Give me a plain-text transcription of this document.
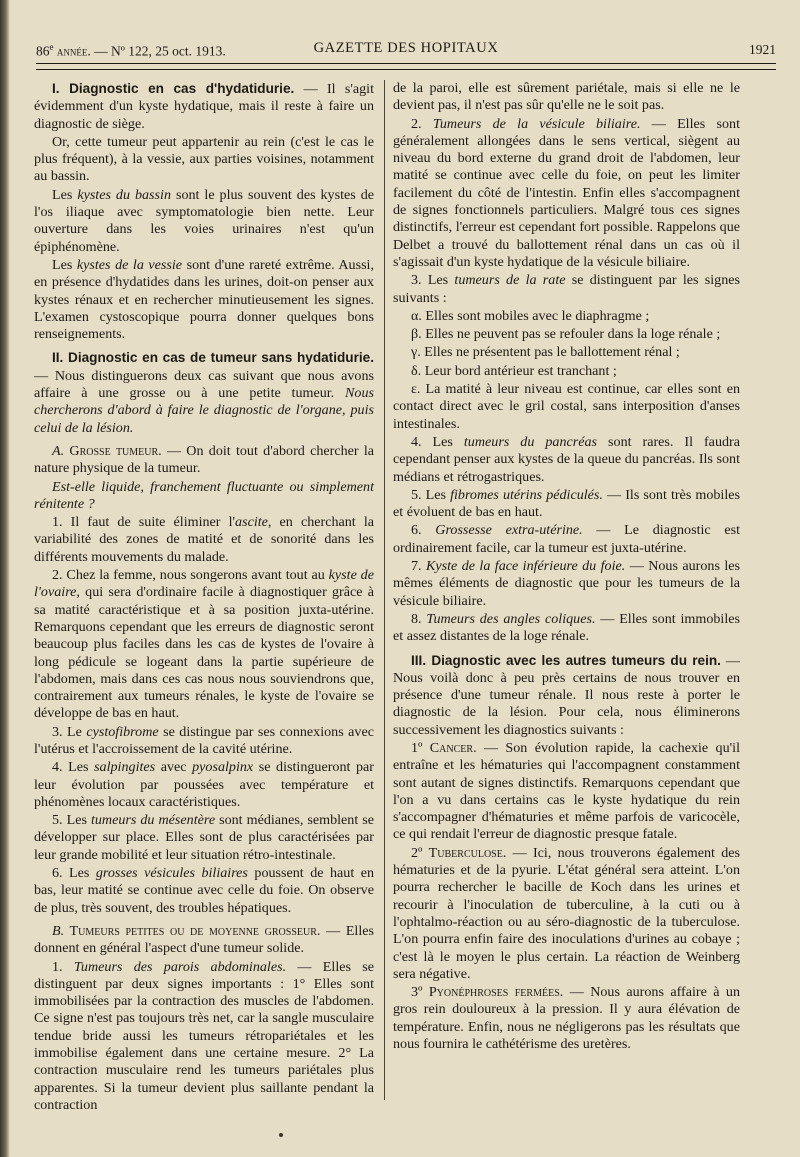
86e année. — Nº 122, 25 oct. 1913.	GAZETTE DES HOPITAUX	1921

I. Diagnostic en cas d'hydatidurie. — Il s'agit évidemment d'un kyste hydatique, mais il reste à faire un diagnostic de siège.

Or, cette tumeur peut appartenir au rein (c'est le cas le plus fréquent), à la vessie, aux parties voisines, notamment au bassin.

Les kystes du bassin sont le plus souvent des kystes de l'os iliaque avec symptomatologie bien nette. Leur ouverture dans les voies urinaires n'est qu'un épiphénomène.

Les kystes de la vessie sont d'une rareté extrême. Aussi, en présence d'hydatides dans les urines, doit-on penser aux kystes rénaux et en rechercher minutieusement les signes. L'examen cystoscopique pourra donner quelques bons renseignements.

II. Diagnostic en cas de tumeur sans hydatidurie. — Nous distinguerons deux cas suivant que nous avons affaire à une grosse ou à une petite tumeur. Nous chercherons d'abord à faire le diagnostic de l'organe, puis celui de la lésion.

A. Grosse tumeur. — On doit tout d'abord chercher la nature physique de la tumeur.

Est-elle liquide, franchement fluctuante ou simplement rénitente ?

1. Il faut de suite éliminer l'ascite, en cherchant la variabilité des zones de matité et de sonorité dans les différents mouvements du malade.

2. Chez la femme, nous songerons avant tout au kyste de l'ovaire, qui sera d'ordinaire facile à diagnostiquer grâce à sa matité caractéristique et à sa position juxta-utérine. Remarquons cependant que les erreurs de diagnostic seront beaucoup plus faciles dans les cas de kystes de l'ovaire à long pédicule se logeant dans la partie supérieure de l'abdomen, mais dans ces cas nous nous souviendrons que, contrairement aux tumeurs rénales, le kyste de l'ovaire se développe de bas en haut.

3. Le cystofibrome se distingue par ses connexions avec l'utérus et l'accroissement de la cavité utérine.

4. Les salpingites avec pyosalpinx se distingueront par leur évolution par poussées avec température et phénomènes locaux caractéristiques.

5. Les tumeurs du mésentère sont médianes, semblent se développer sur place. Elles sont de plus caractérisées par leur grande mobilité et leur situation rétro-intestinale.

6. Les grosses vésicules biliaires poussent de haut en bas, leur matité se continue avec celle du foie. On observe de plus, très souvent, des troubles hépatiques.

B. Tumeurs petites ou de moyenne grosseur. — Elles donnent en général l'aspect d'une tumeur solide.

1. Tumeurs des parois abdominales. — Elles se distinguent par deux signes importants : 1° Elles sont immobilisées par la contraction des muscles de l'abdomen. Ce signe n'est pas toujours très net, car la sangle musculaire tendue bride aussi les tumeurs rétropariétales et les immobilise également dans une certaine mesure. 2° La contraction musculaire rend les tumeurs pariétales plus apparentes. Si la tumeur devient plus saillante pendant la contraction

de la paroi, elle est sûrement pariétale, mais si elle ne le devient pas, il n'est pas sûr qu'elle ne le soit pas.

2. Tumeurs de la vésicule biliaire. — Elles sont généralement allongées dans le sens vertical, siègent au niveau du bord externe du grand droit de l'abdomen, leur matité se continue avec celle du foie, on peut les limiter facilement du côté de l'intestin. Enfin elles s'accompagnent de signes fonctionnels particuliers. Malgré tous ces signes distinctifs, l'erreur est cependant fort possible. Rappelons que Delbet a trouvé du ballottement rénal dans un cas où il s'agissait d'un kyste hydatique de la vésicule biliaire.

3. Les tumeurs de la rate se distinguent par les signes suivants :

α. Elles sont mobiles avec le diaphragme ;

β. Elles ne peuvent pas se refouler dans la loge rénale ;

γ. Elles ne présentent pas le ballottement rénal ;

δ. Leur bord antérieur est tranchant ;

ε. La matité à leur niveau est continue, car elles sont en contact direct avec le gril costal, sans interposition d'anses intestinales.

4. Les tumeurs du pancréas sont rares. Il faudra cependant penser aux kystes de la queue du pancréas. Ils sont médians et rétrogastriques.

5. Les fibromes utérins pédiculés. — Ils sont très mobiles et évoluent de bas en haut.

6. Grossesse extra-utérine. — Le diagnostic est ordinairement facile, car la tumeur est juxta-utérine.

7. Kyste de la face inférieure du foie. — Nous aurons les mêmes éléments de diagnostic que pour les tumeurs de la vésicule biliaire.

8. Tumeurs des angles coliques. — Elles sont immobiles et assez distantes de la loge rénale.

III. Diagnostic avec les autres tumeurs du rein. — Nous voilà donc à peu près certains de nous trouver en présence d'une tumeur rénale. Il nous reste à porter le diagnostic de la lésion. Pour cela, nous éliminerons successivement les diagnostics suivants :

1º Cancer. — Son évolution rapide, la cachexie qu'il entraîne et les hématuries qui l'accompagnent constamment sont autant de signes distinctifs. Remarquons cependant que l'on a vu dans certains cas le kyste hydatique du rein s'accompagner d'hématuries et même parfois de varicocèle, ce qui rendait l'erreur de diagnostic presque fatale.

2º Tuberculose. — Ici, nous trouverons également des hématuries et de la pyurie. L'état général sera atteint. L'on pourra rechercher le bacille de Koch dans les urines et recourir à l'inoculation de tuberculine, à la cuti ou à l'ophtalmo-réaction ou au séro-diagnostic de la tuberculose. L'on pourra enfin faire des inoculations d'urines au cobaye ; c'est là le moyen le plus certain. La réaction de Weinberg sera négative.

3º Pyonéphroses fermées. — Nous aurons affaire à un gros rein douloureux à la pression. Il y aura élévation de température. Enfin, nous ne négligerons pas les résultats que nous fournira le cathétérisme des uretères.
